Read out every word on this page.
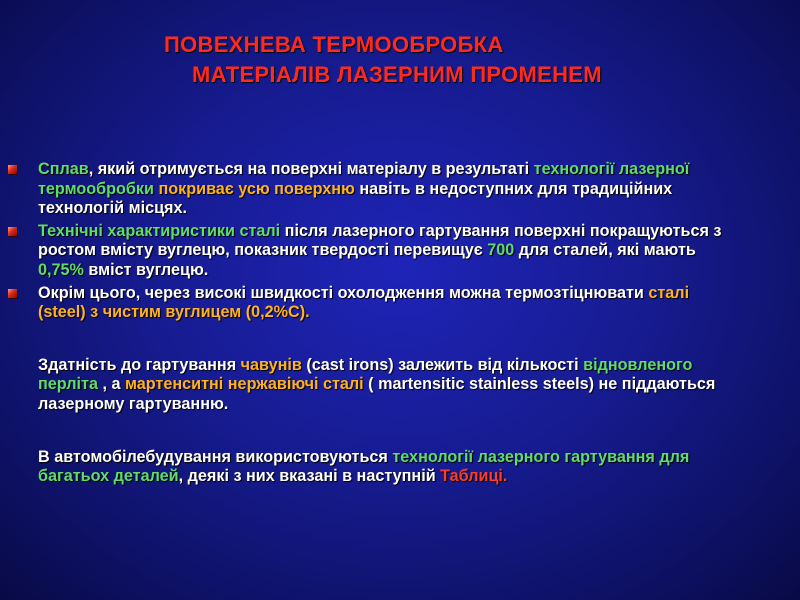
ПОВЕХНЕВА ТЕРМООБРОБКА
МАТЕРІАЛІВ ЛАЗЕРНИМ ПРОМЕНЕМ
Сплав, який отримується на поверхні матеріалу в результаті технології лазерної термообробки покриває усю поверхню навіть в недоступних для традиційних технологій місцях.
Технічні характиристики сталі після лазерного гартування поверхні покращуються з ростом вмісту вуглецю, показник твердості перевищує 700 для сталей, які мають 0,75% вміст вуглецю.
Окрім цього, через високі швидкості охолодження можна термозтіцнювати сталі (steel) з чистим вуглицем (0,2%С).
Здатність до гартування чавунів (cast irons) залежить від кількості відновленого перліта , а мартенситні нержавіючі сталі ( martensitic stainless steels) не піддаються лазерному гартуванню.
В автомобілебудування використовуються технології лазерного гартування для багатьох деталей, деякі з них вказані в наступній Таблиці.
